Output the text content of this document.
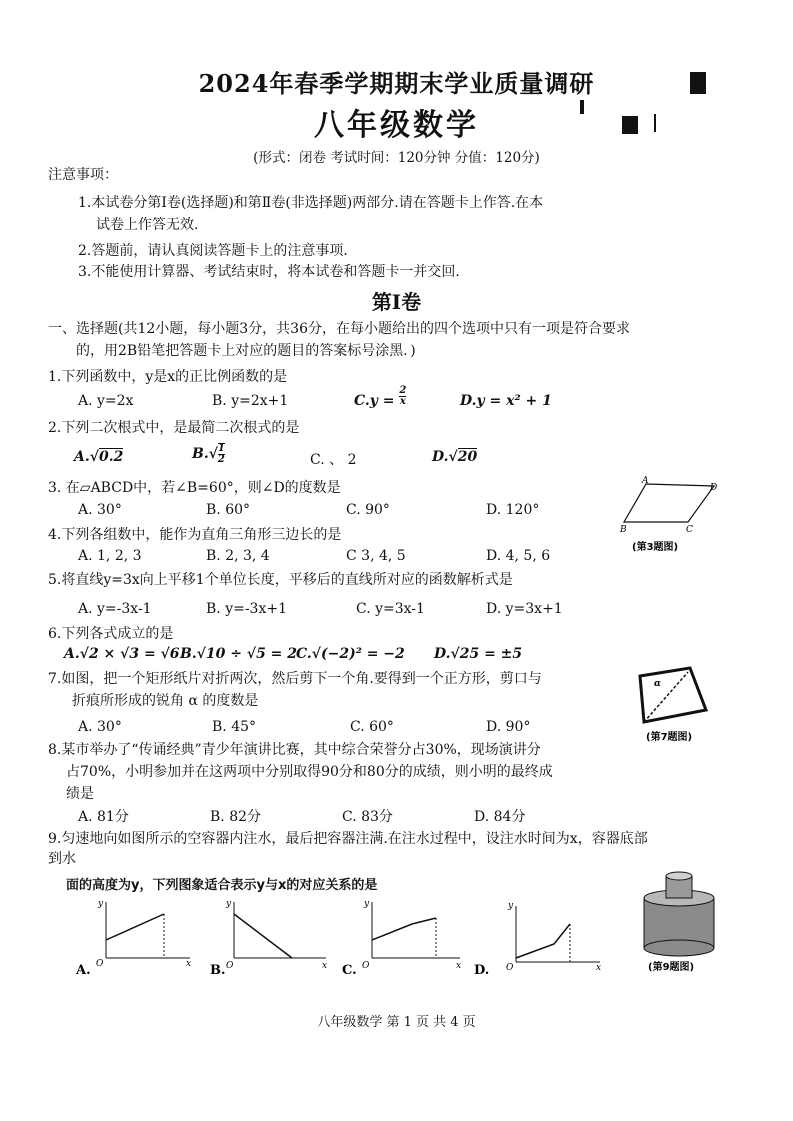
2024年春季学期期末学业质量调研
八年级数学
(形式：闭卷 考试时间：120分钟 分值：120分)
注意事项：
1.本试卷分第Ⅰ卷(选择题)和第Ⅱ卷(非选择题)两部分.请在答题卡上作答.在本
试卷上作答无效.
2.答题前，请认真阅读答题卡上的注意事项．
3.不能使用计算器、考试结束时，将本试卷和答题卡一并交回．
第Ⅰ卷
一、选择题(共12小题，每小题3分，共36分，在每小题给出的四个选项中只有一项是符合要求
的，用2B铅笔把答题卡上对应的题目的答案标号涂黑．)
1.下列函数中，y是x的正比例函数的是
A. y=2x	B. y=2x+1	$C.y = \frac{2}{x}$	D.y = x² + 1
2.下列二次根式中，是最简二次根式的是
A.√0.2	$B.√ \frac{1}{2}$	C. 、 2	D.√20
3. 在▱ABCD中，若∠B=60°，则∠D的度数是
A. 30°	B. 60°	C. 90°	D. 120°
A
D
B	C
(第3题图)
4.下列各组数中，能作为直角三角形三边长的是
A. 1, 2, 3	B. 2, 3, 4	C 3, 4, 5	D. 4, 5, 6
5.将直线y=3x向上平移1个单位长度，平移后的直线所对应的函数解析式是
A. y=-3x-1	B. y=-3x+1	C. y=3x-1	D. y=3x+1
6.下列各式成立的是
A.√2 × √3 = √6 B.√10 ÷ √5 = 2
C.√(−2)² = −2 D.√25 = ±5
7.如图，把一个矩形纸片对折两次，然后剪下一个角.要得到一个正方形，剪口与
折痕所形成的锐角 α 的度数是
A. 30°	B. 45°	C. 60°	D. 90°
α
(第7题图)
8.某市举办了“传诵经典”青少年演讲比赛，其中综合荣誉分占30%，现场演讲分
占70%，小明参加并在这两项中分别取得90分和80分的成绩，则小明的最终成
绩是
A. 81分	B. 82分	C. 83分	D. 84分
9.匀速地向如图所示的空容器内注水，最后把容器注满.在注水过程中，设注水时间为x，容器底部
到水
面的高度为y，下列图象适合表示y与x的对应关系的是
y
x
O
A.
y
x
O
B.
y
x
O
C.
y
x
O
D.	(第9题图)
八年级数学 第 1 页 共 4 页
